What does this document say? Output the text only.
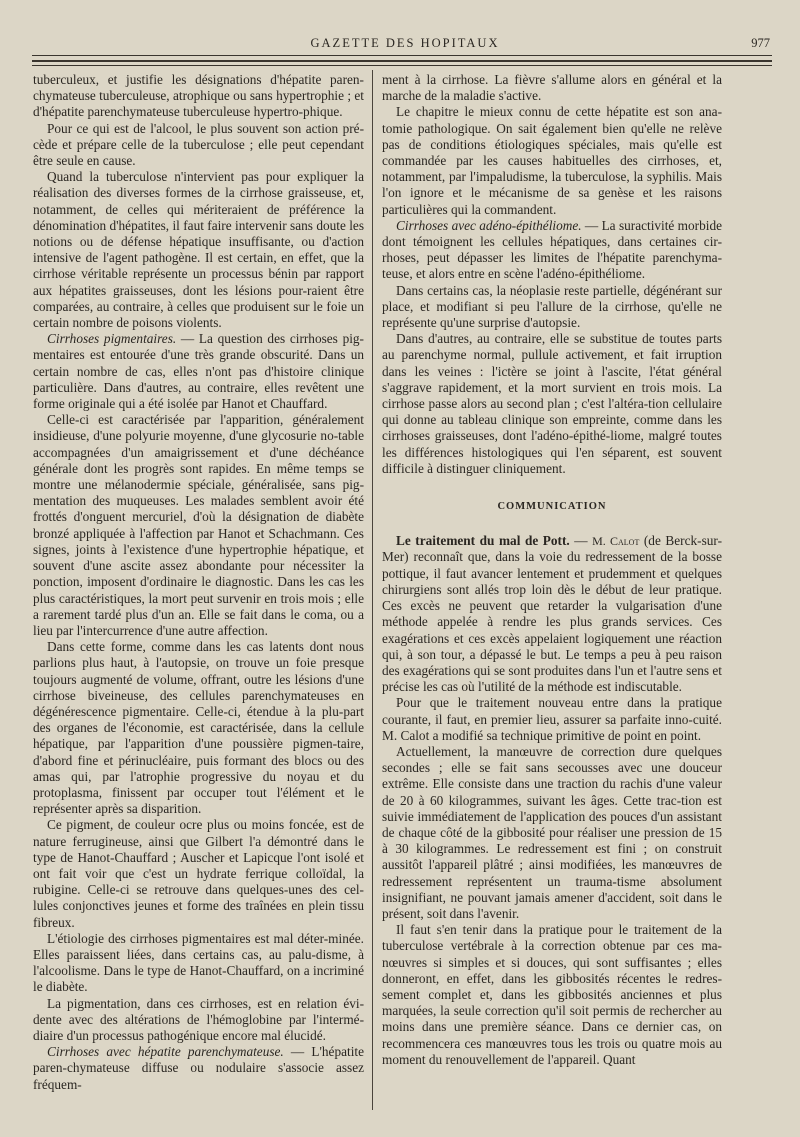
GAZETTE DES HOPITAUX	977

tuberculeux, et justifie les désignations d'hépatite paren-chymateuse tuberculeuse, atrophique ou sans hypertrophie ; et d'hépatite parenchymateuse tuberculeuse hypertro-phique.

Pour ce qui est de l'alcool, le plus souvent son action pré-cède et prépare celle de la tuberculose ; elle peut cependant être seule en cause.

Quand la tuberculose n'intervient pas pour expliquer la réalisation des diverses formes de la cirrhose graisseuse, et, notamment, de celles qui mériteraient de préférence la dénomination d'hépatites, il faut faire intervenir sans doute les notions ou de défense hépatique insuffisante, ou d'action intensive de l'agent pathogène. Il est certain, en effet, que la cirrhose véritable représente un processus bénin par rapport aux hépatites graisseuses, dont les lésions pour-raient être comparées, au contraire, à celles que produisent sur le foie un certain nombre de poisons violents.

Cirrhoses pigmentaires. — La question des cirrhoses pig-mentaires est entourée d'une très grande obscurité. Dans un certain nombre de cas, elles n'ont pas d'histoire clinique particulière. Dans d'autres, au contraire, elles revêtent une forme originale qui a été isolée par Hanot et Chauffard.

Celle-ci est caractérisée par l'apparition, généralement insidieuse, d'une polyurie moyenne, d'une glycosurie no-table accompagnées d'un amaigrissement et d'une déchéance générale dont les progrès sont rapides. En même temps se montre une mélanodermie spéciale, généralisée, sans pig-mentation des muqueuses. Les malades semblent avoir été frottés d'onguent mercuriel, d'où la désignation de diabète bronzé appliquée à l'affection par Hanot et Schachmann. Ces signes, joints à l'existence d'une hypertrophie hépatique, et souvent d'une ascite assez abondante pour nécessiter la ponction, imposent d'ordinaire le diagnostic. Dans les cas les plus caractéristiques, la mort peut survenir en trois mois ; elle a rarement tardé plus d'un an. Elle se fait dans le coma, ou a lieu par l'intercurrence d'une autre affection.

Dans cette forme, comme dans les cas latents dont nous parlions plus haut, à l'autopsie, on trouve un foie presque toujours augmenté de volume, offrant, outre les lésions d'une cirrhose biveineuse, des cellules parenchymateuses en dégénérescence pigmentaire. Celle-ci, étendue à la plu-part des organes de l'économie, est caractérisée, dans la cellule hépatique, par l'apparition d'une poussière pigmen-taire, d'abord fine et périnucléaire, puis formant des blocs ou des amas qui, par l'atrophie progressive du noyau et du protoplasma, finissent par occuper tout l'élément et le représenter après sa disparition.

Ce pigment, de couleur ocre plus ou moins foncée, est de nature ferrugineuse, ainsi que Gilbert l'a démontré dans le type de Hanot-Chauffard ; Auscher et Lapicque l'ont isolé et ont fait voir que c'est un hydrate ferrique colloïdal, la rubigine. Celle-ci se retrouve dans quelques-unes des cel-lules conjonctives jeunes et forme des traînées en plein tissu fibreux.

L'étiologie des cirrhoses pigmentaires est mal déter-minée. Elles paraissent liées, dans certains cas, au palu-disme, à l'alcoolisme. Dans le type de Hanot-Chauffard, on a incriminé le diabète.

La pigmentation, dans ces cirrhoses, est en relation évi-dente avec des altérations de l'hémoglobine par l'intermé-diaire d'un processus pathogénique encore mal élucidé.

Cirrhoses avec hépatite parenchymateuse. — L'hépatite paren-chymateuse diffuse ou nodulaire s'associe assez fréquem-

ment à la cirrhose. La fièvre s'allume alors en général et la marche de la maladie s'active.

Le chapitre le mieux connu de cette hépatite est son ana-tomie pathologique. On sait également bien qu'elle ne relève pas de conditions étiologiques spéciales, mais qu'elle est commandée par les causes habituelles des cirrhoses, et, notamment, par l'impaludisme, la tuberculose, la syphilis. Mais l'on ignore et le mécanisme de sa genèse et les raisons particulières qui la commandent.

Cirrhoses avec adéno-épithéliome. — La suractivité morbide dont témoignent les cellules hépatiques, dans certaines cir-rhoses, peut dépasser les limites de l'hépatite parenchyma-teuse, et alors entre en scène l'adéno-épithéliome.

Dans certains cas, la néoplasie reste partielle, dégénérant sur place, et modifiant si peu l'allure de la cirrhose, qu'elle ne représente qu'une surprise d'autopsie.

Dans d'autres, au contraire, elle se substitue de toutes parts au parenchyme normal, pullule activement, et fait irruption dans les veines : l'ictère se joint à l'ascite, l'état général s'aggrave rapidement, et la mort survient en trois mois. La cirrhose passe alors au second plan ; c'est l'altéra-tion cellulaire qui donne au tableau clinique son empreinte, comme dans les cirrhoses graisseuses, dont l'adéno-épithé-liome, malgré toutes les différences histologiques qui l'en séparent, est souvent difficile à distinguer cliniquement.

COMMUNICATION

Le traitement du mal de Pott. — M. Calot (de Berck-sur-Mer) reconnaît que, dans la voie du redressement de la bosse pottique, il faut avancer lentement et prudemment et quelques chirurgiens sont allés trop loin dès le début de leur pratique. Ces excès ne peuvent que retarder la vulgarisation d'une méthode appelée à rendre les plus grands services. Ces exagérations et ces excès appelaient logiquement une réaction qui, à son tour, a dépassé le but. Le temps a peu à peu raison des exagérations qui se sont produites dans l'un et l'autre sens et précise les cas où l'utilité de la méthode est indiscutable.

Pour que le traitement nouveau entre dans la pratique courante, il faut, en premier lieu, assurer sa parfaite inno-cuité. M. Calot a modifié sa technique primitive de point en point.

Actuellement, la manœuvre de correction dure quelques secondes ; elle se fait sans secousses avec une douceur extrême. Elle consiste dans une traction du rachis d'une valeur de 20 à 60 kilogrammes, suivant les âges. Cette trac-tion est suivie immédiatement de l'application des pouces d'un assistant de chaque côté de la gibbosité pour réaliser une pression de 15 à 30 kilogrammes. Le redressement est fini ; on construit aussitôt l'appareil plâtré ; ainsi modifiées, les manœuvres de redressement représentent un trauma-tisme absolument insignifiant, ne pouvant jamais amener d'accident, soit dans le présent, soit dans l'avenir.

Il faut s'en tenir dans la pratique pour le traitement de la tuberculose vertébrale à la correction obtenue par ces ma-nœuvres si simples et si douces, qui sont suffisantes ; elles donneront, en effet, dans les gibbosités récentes le redres-sement complet et, dans les gibbosités anciennes et plus marquées, la seule correction qu'il soit permis de rechercher au moins dans une première séance. Dans ce dernier cas, on recommencera ces manœuvres tous les trois ou quatre mois au moment du renouvellement de l'appareil. Quant
